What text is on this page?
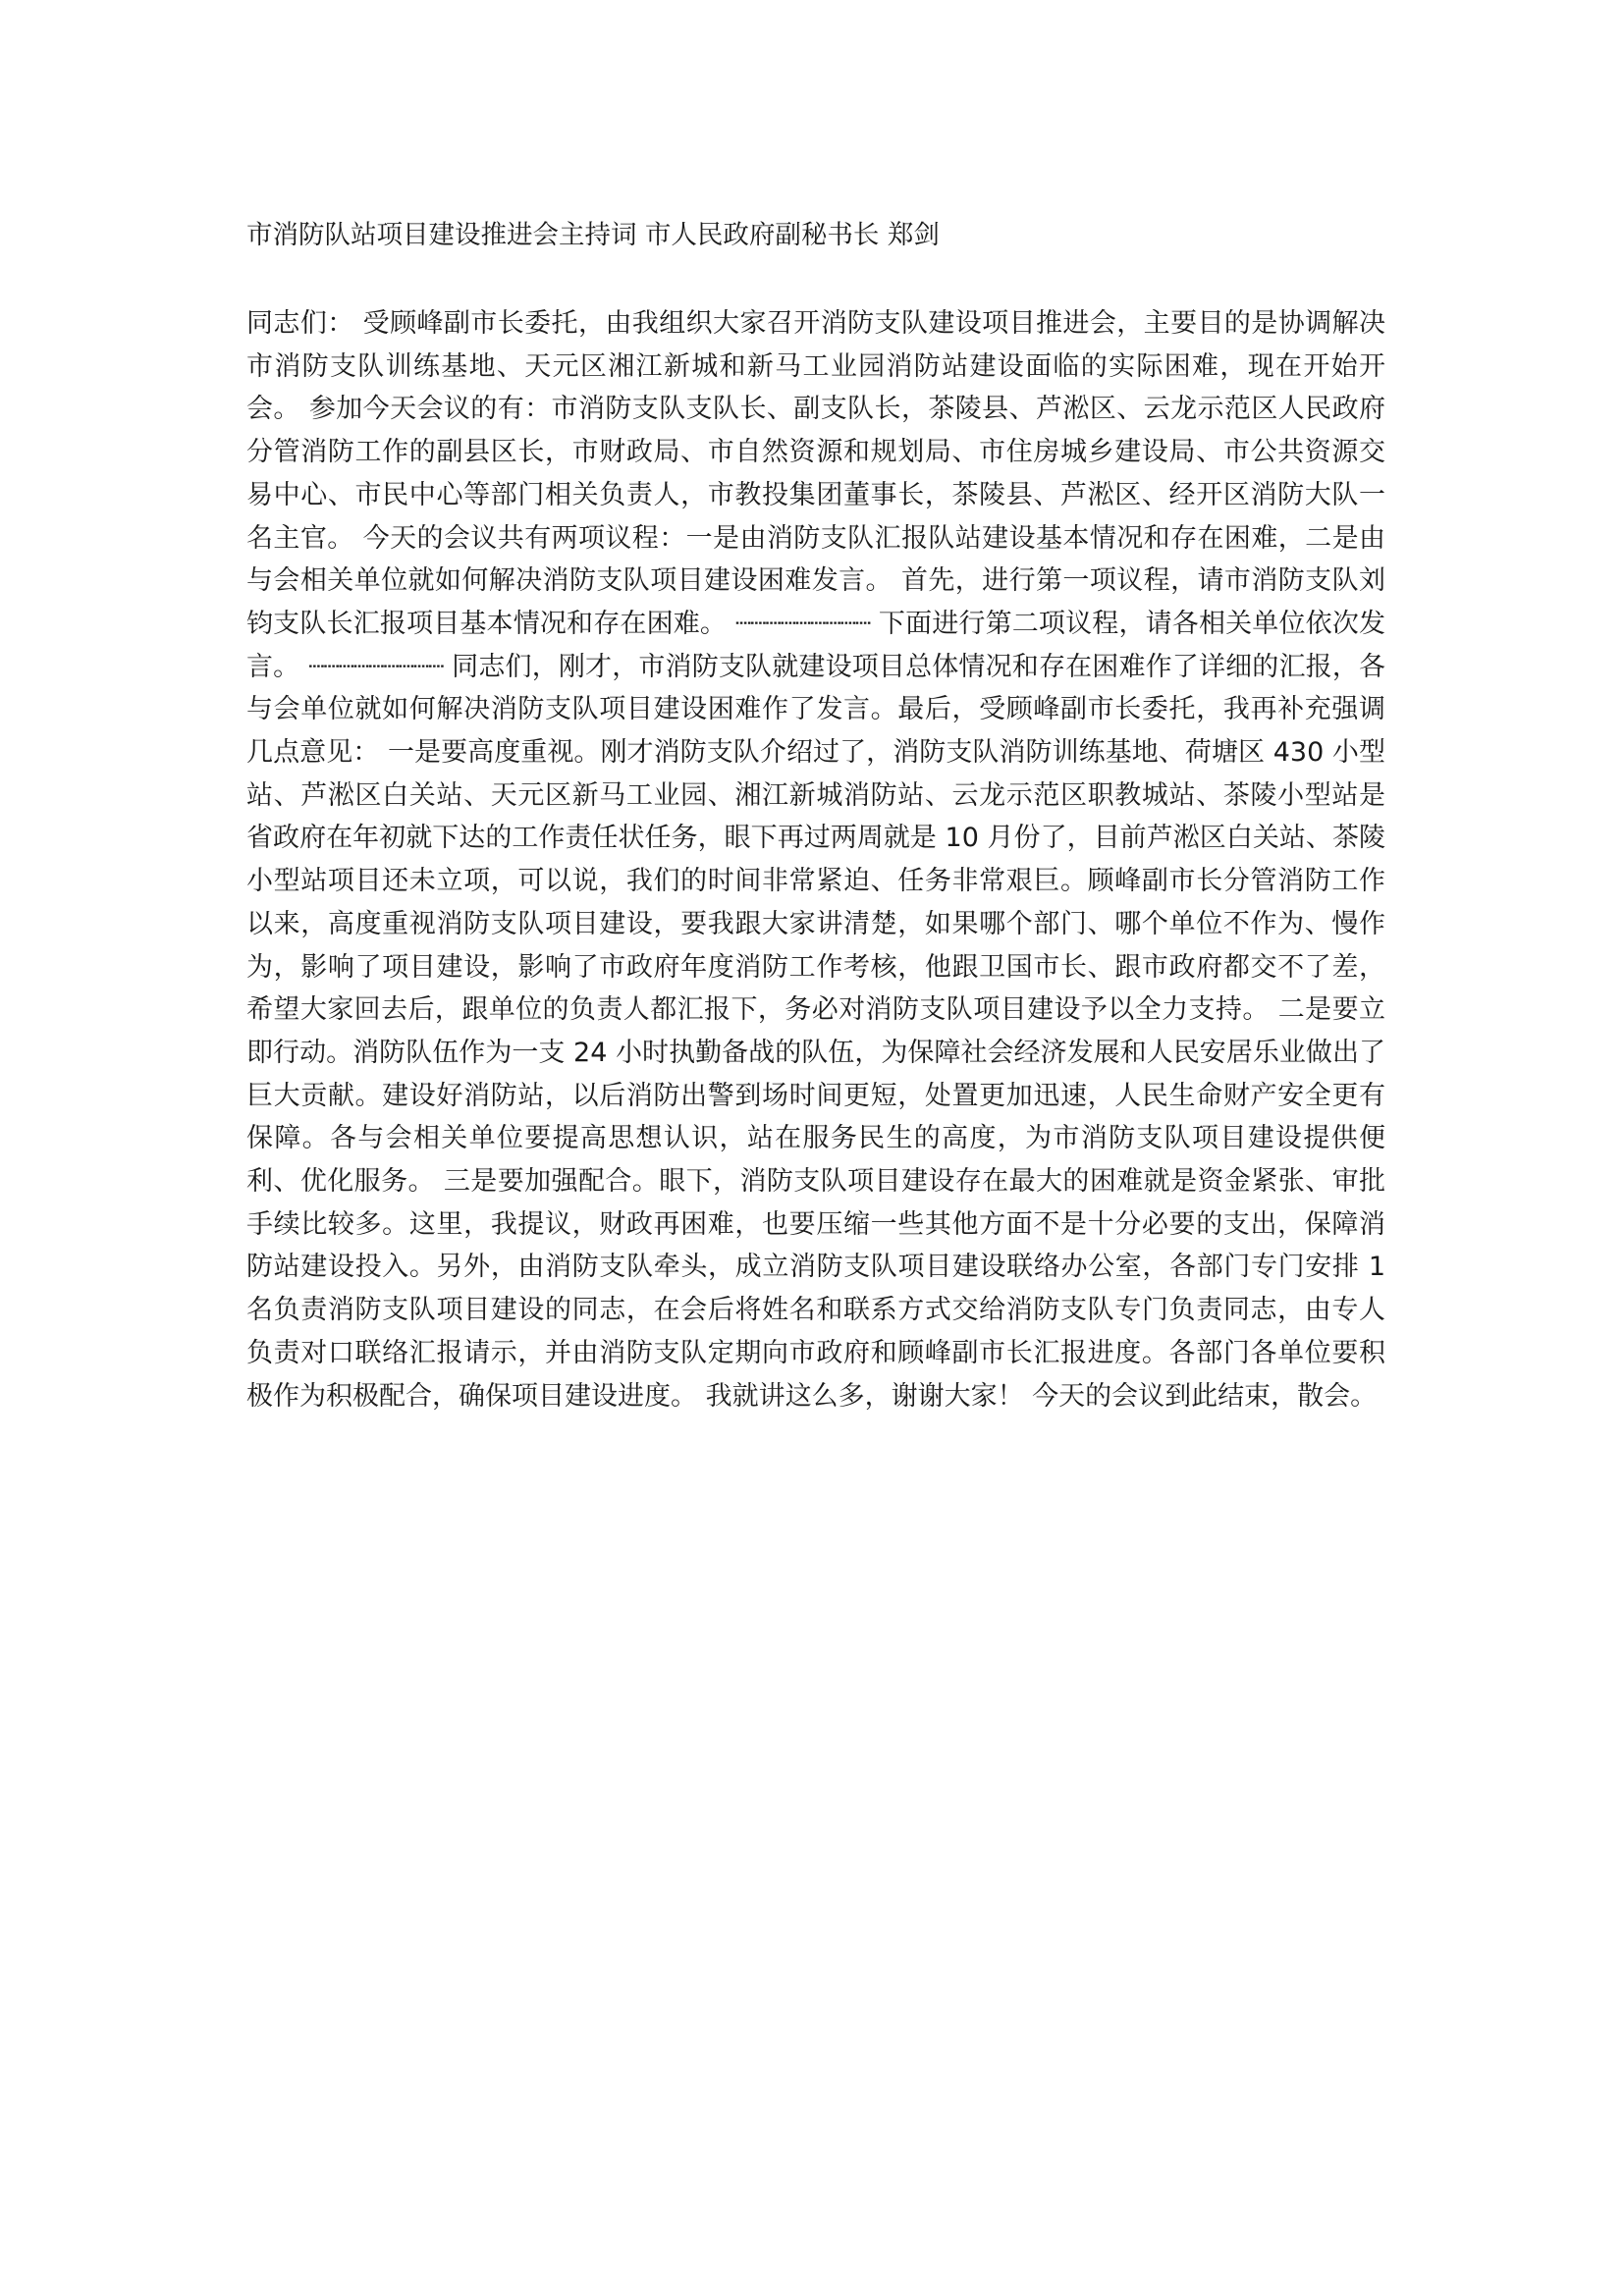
市消防队站项目建设推进会主持词 市人民政府副秘书长 郑剑

同志们： 受顾峰副市长委托，由我组织大家召开消防支队建设项目推进会，主要目的是协调解决市消防支队训练基地、天元区湘江新城和新马工业园消防站建设面临的实际困难，现在开始开会。 参加今天会议的有：市消防支队支队长、副支队长，茶陵县、芦淞区、云龙示范区人民政府分管消防工作的副县区长，市财政局、市自然资源和规划局、市住房城乡建设局、市公共资源交易中心、市民中心等部门相关负责人，市教投集团董事长，茶陵县、芦淞区、经开区消防大队一名主官。 今天的会议共有两项议程：一是由消防支队汇报队站建设基本情况和存在困难，二是由与会相关单位就如何解决消防支队项目建设困难发言。 首先，进行第一项议程，请市消防支队刘钧支队长汇报项目基本情况和存在困难。 ┈┈┈┈┈┈┈┈┈ 下面进行第二项议程，请各相关单位依次发言。 ┈┈┈┈┈┈┈┈┈ 同志们，刚才，市消防支队就建设项目总体情况和存在困难作了详细的汇报，各与会单位就如何解决消防支队项目建设困难作了发言。最后，受顾峰副市长委托，我再补充强调几点意见： 一是要高度重视。刚才消防支队介绍过了，消防支队消防训练基地、荷塘区 430 小型站、芦淞区白关站、天元区新马工业园、湘江新城消防站、云龙示范区职教城站、茶陵小型站是省政府在年初就下达的工作责任状任务，眼下再过两周就是 10 月份了，目前芦淞区白关站、茶陵小型站项目还未立项，可以说，我们的时间非常紧迫、任务非常艰巨。顾峰副市长分管消防工作以来，高度重视消防支队项目建设，要我跟大家讲清楚，如果哪个部门、哪个单位不作为、慢作为，影响了项目建设，影响了市政府年度消防工作考核，他跟卫国市长、跟市政府都交不了差，希望大家回去后，跟单位的负责人都汇报下，务必对消防支队项目建设予以全力支持。 二是要立即行动。消防队伍作为一支 24 小时执勤备战的队伍，为保障社会经济发展和人民安居乐业做出了巨大贡献。建设好消防站，以后消防出警到场时间更短，处置更加迅速，人民生命财产安全更有保障。各与会相关单位要提高思想认识，站在服务民生的高度，为市消防支队项目建设提供便利、优化服务。 三是要加强配合。眼下，消防支队项目建设存在最大的困难就是资金紧张、审批手续比较多。这里，我提议，财政再困难，也要压缩一些其他方面不是十分必要的支出，保障消防站建设投入。另外，由消防支队牵头，成立消防支队项目建设联络办公室，各部门专门安排 1 名负责消防支队项目建设的同志，在会后将姓名和联系方式交给消防支队专门负责同志，由专人负责对口联络汇报请示，并由消防支队定期向市政府和顾峰副市长汇报进度。各部门各单位要积极作为积极配合，确保项目建设进度。 我就讲这么多，谢谢大家！ 今天的会议到此结束，散会。
